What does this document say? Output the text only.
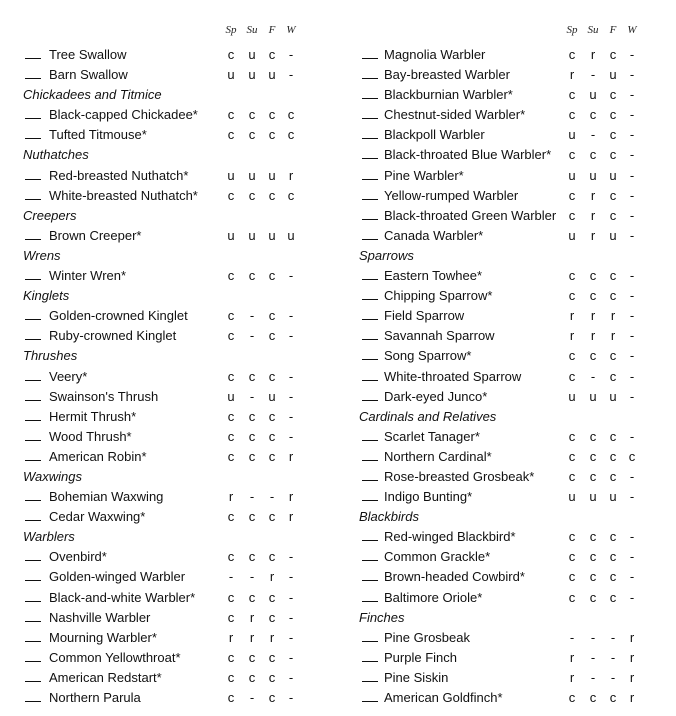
Sp Su	F	W
Tree Swallow	c u c	-
Barn Swallow	u u u	-
Chickadees and Titmice
Black-capped Chickadee* c c c c
Tufted Titmouse*	c c c c
Nuthatches
Red-breasted Nuthatch*	u u u	r
White-breasted Nuthatch* c c c c
Creepers
Brown Creeper*	u u u u
Wrens
Winter Wren*	c c c	-
Kinglets
Golden-crowned Kinglet	c	-	c	-
Ruby-crowned Kinglet	c	-	c	-
Thrushes
Veery*	c c c	-
Swainson's Thrush	u	-	u	-
Hermit Thrush*	c c c	-
Wood Thrush*	c c c	-
American Robin*	c c c	r
Waxwings
Bohemian Waxwing	r	-	-	r
Cedar Waxwing*	c c c	r
Warblers
Ovenbird*	c c c	-
Golden-winged Warbler	-	-	r	-
Black-and-white Warbler*	c c c	-
Nashville Warbler	c	r	c	-
Mourning Warbler*	r	r	r	-
Common Yellowthroat*	c c c	-
American Redstart*	c c c	-
Northern Parula	c	-	c	-
Sp Su	F	W
Magnolia Warbler	c	r	c	-
Bay-breasted Warbler	r	-	u	-
Blackburnian Warbler*	c u c	-
Chestnut-sided Warbler*	c c c	-
Blackpoll Warbler	u	-	c	-
Black-throated Blue Warbler* c c c	-
Pine Warbler*	u u u	-
Yellow-rumped Warbler	c	r	c	-
Black-throated Green Warbler c	r	c	-
Canada Warbler*	u	r	u	-
Sparrows
Eastern Towhee*	c c c	-
Chipping Sparrow*	c c c	-
Field Sparrow	r	r	r	-
Savannah Sparrow	r	r	r	-
Song Sparrow*	c c c	-
White-throated Sparrow	c	-	c	-
Dark-eyed Junco*	u u u	-
Cardinals and Relatives
Scarlet Tanager*	c c c	-
Northern Cardinal*	c c c c
Rose-breasted Grosbeak*	c c c	-
Indigo Bunting*	u u u	-
Blackbirds
Red-winged Blackbird*	c c c	-
Common Grackle*	c c c	-
Brown-headed Cowbird*	c c c	-
Baltimore Oriole*	c c c	-
Finches
Pine Grosbeak	-	-	-	r
Purple Finch	r	-	-	r
Pine Siskin	r	-	-	r
American Goldfinch*	c c c	r
